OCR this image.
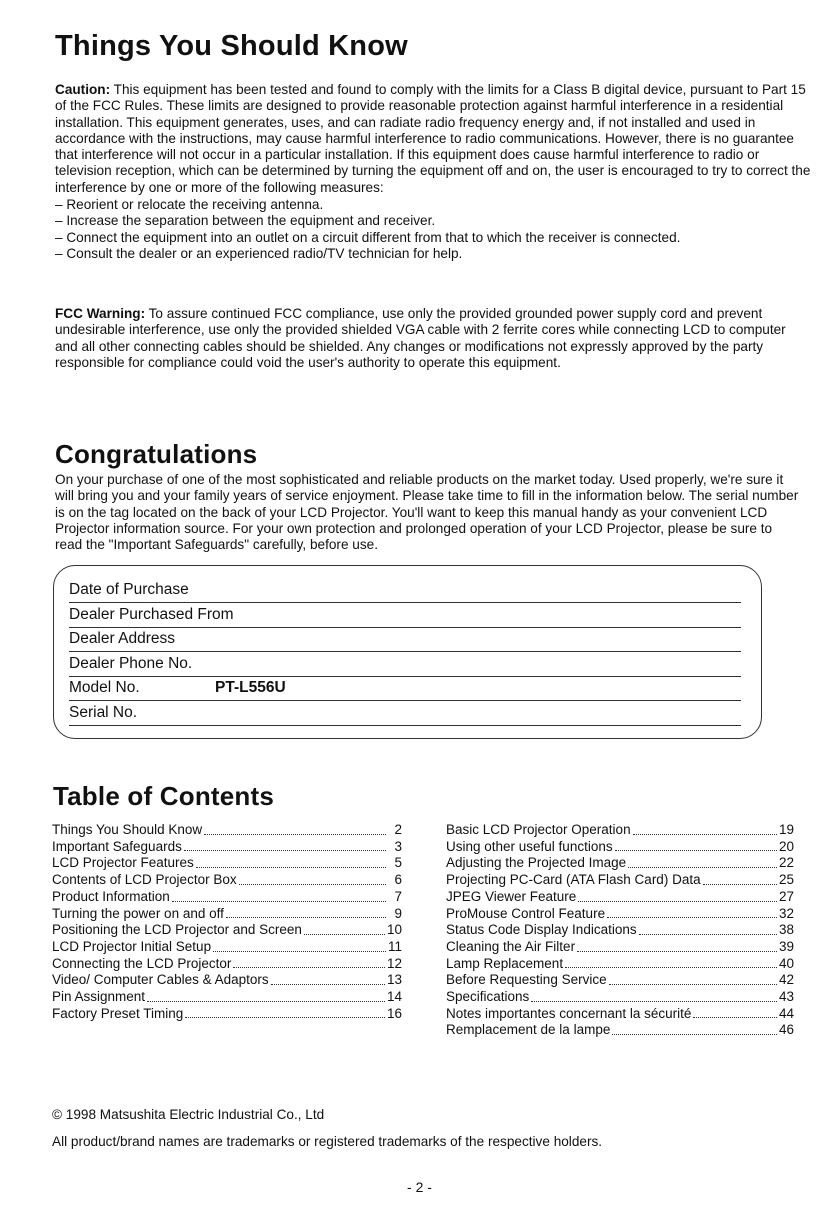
Things You Should Know

Caution: This equipment has been tested and found to comply with the limits for a Class B digital device, pursuant to Part 15 of the FCC Rules. These limits are designed to provide reasonable protection against harmful interference in a residential installation. This equipment generates, uses, and can radiate radio frequency energy and, if not installed and used in accordance with the instructions, may cause harmful interference to radio communications. However, there is no guarantee that interference will not occur in a particular installation. If this equipment does cause harmful interference to radio or television reception, which can be determined by turning the equipment off and on, the user is encouraged to try to correct the interference by one or more of the following measures:

– Reorient or relocate the receiving antenna.
– Increase the separation between the equipment and receiver.
– Connect the equipment into an outlet on a circuit different from that to which the receiver is connected.
– Consult the dealer or an experienced radio/TV technician for help.

FCC Warning: To assure continued FCC compliance, use only the provided grounded power supply cord and prevent undesirable interference, use only the provided shielded VGA cable with 2 ferrite cores while connecting LCD to computer and all other connecting cables should be shielded. Any changes or modifications not expressly approved by the party responsible for compliance could void the user's authority to operate this equipment.

Congratulations

On your purchase of one of the most sophisticated and reliable products on the market today. Used properly, we're sure it will bring you and your family years of service enjoyment. Please take time to fill in the information below. The serial number is on the tag located on the back of your LCD Projector. You'll want to keep this manual handy as your convenient LCD Projector information source. For your own protection and prolonged operation of your LCD Projector, please be sure to read the "Important Safeguards" carefully, before use.

Date of Purchase
Dealer Purchased From
Dealer Address
Dealer Phone No.
Model No.	PT-L556U
Serial No.
Table of Contents
Things You Should Know	2
Important Safeguards	3
LCD Projector Features	5
Contents of LCD Projector Box	6
Product Information	7
Turning the power on and off	9
Positioning the LCD Projector and Screen	10
LCD Projector Initial Setup	11
Connecting the LCD Projector	12
Video/ Computer Cables & Adaptors	13
Pin Assignment	14
Factory Preset Timing	16
Basic LCD Projector Operation	19
Using other useful functions	20
Adjusting the Projected Image	22
Projecting PC-Card (ATA Flash Card) Data	25
JPEG Viewer Feature	27
ProMouse Control Feature	32
Status Code Display Indications	38
Cleaning the Air Filter	39
Lamp Replacement	40
Before Requesting Service	42
Specifications	43
Notes importantes concernant la sécurité	44
Remplacement de la lampe	46
© 1998 Matsushita Electric Industrial Co., Ltd
All product/brand names are trademarks or registered trademarks of the respective holders.
- 2 -
